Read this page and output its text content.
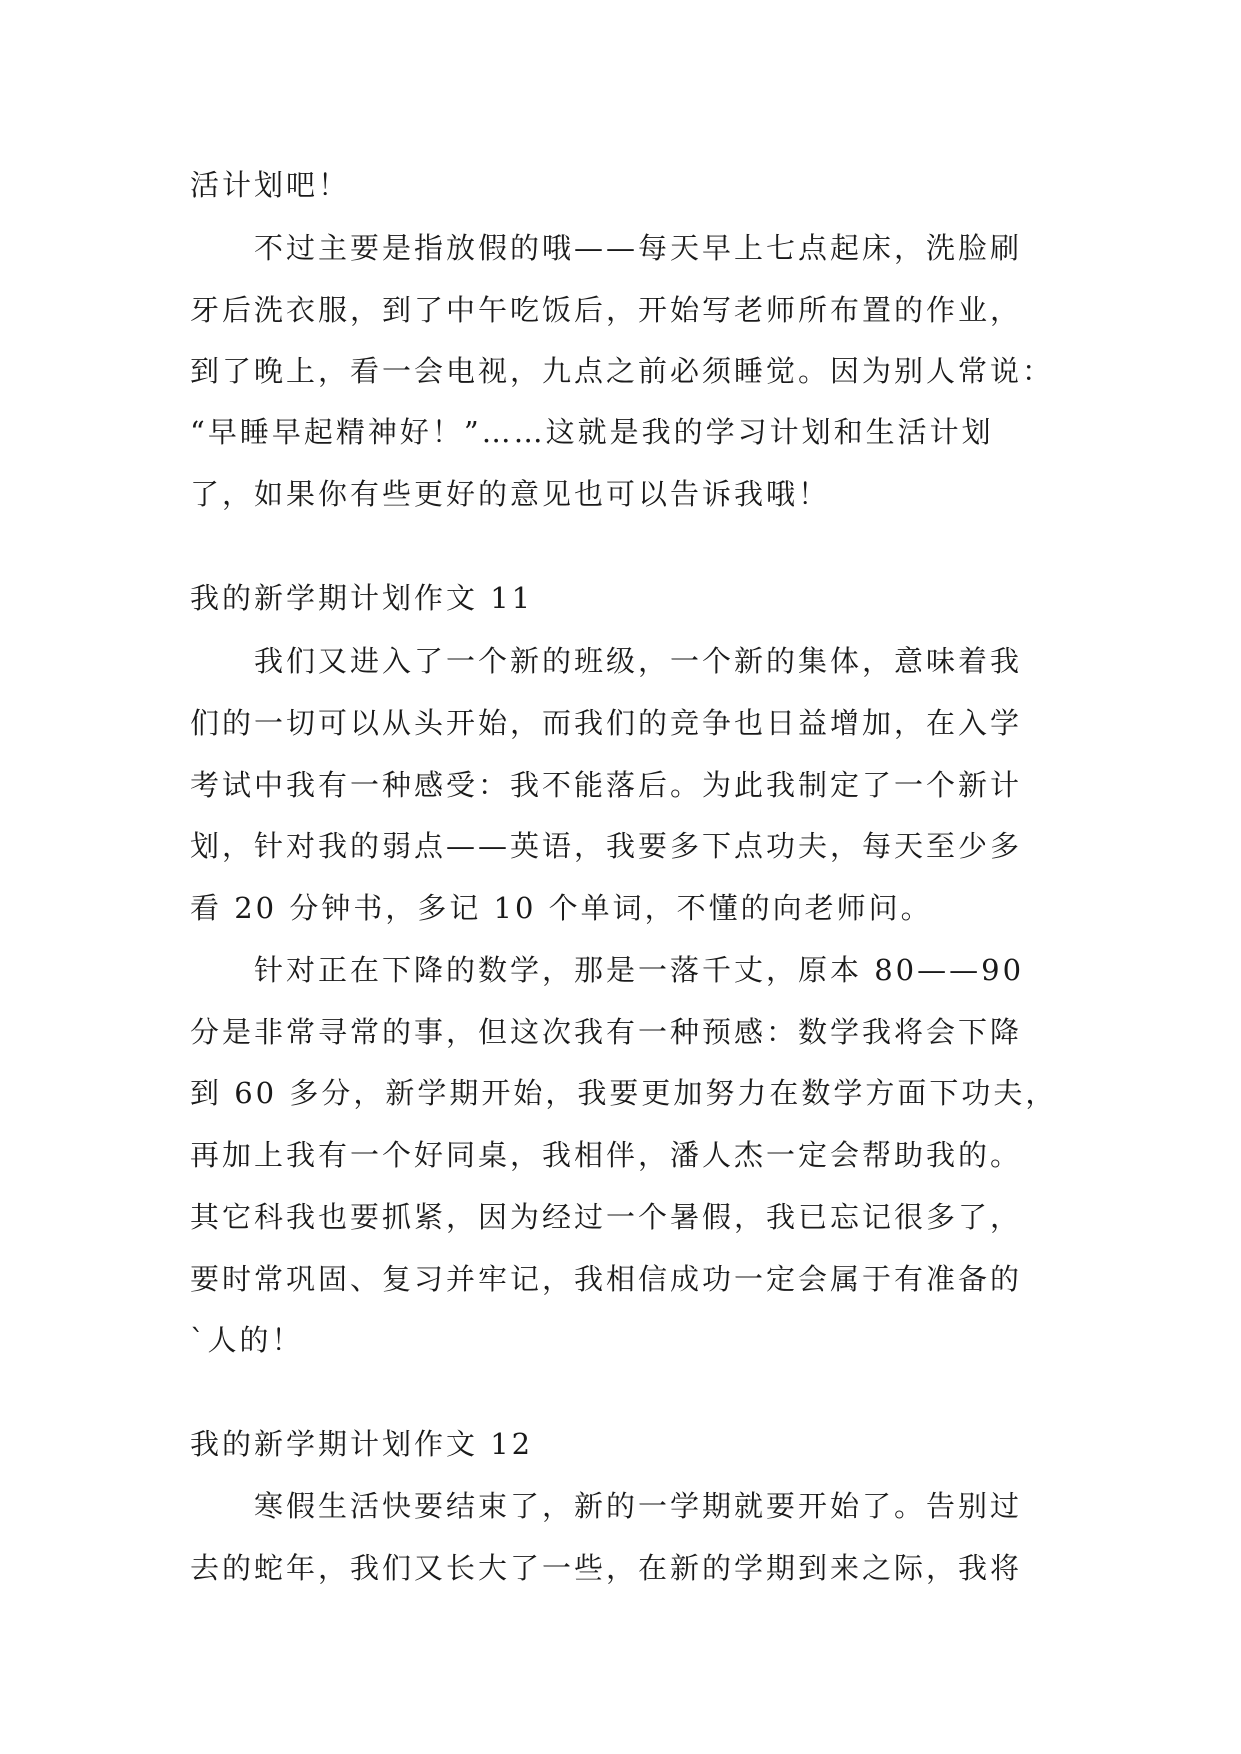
活计划吧！
不过主要是指放假的哦——每天早上七点起床，洗脸刷
牙后洗衣服，到了中午吃饭后，开始写老师所布置的作业，
到了晚上，看一会电视，九点之前必须睡觉。因为别人常说：
“早睡早起精神好！”……这就是我的学习计划和生活计划
了，如果你有些更好的意见也可以告诉我哦！
我的新学期计划作文 11
我们又进入了一个新的班级，一个新的集体，意味着我
们的一切可以从头开始，而我们的竞争也日益增加，在入学
考试中我有一种感受：我不能落后。为此我制定了一个新计
划，针对我的弱点——英语，我要多下点功夫，每天至少多
看 20 分钟书，多记 10 个单词，不懂的向老师问。
针对正在下降的数学，那是一落千丈，原本 80——90
分是非常寻常的事，但这次我有一种预感：数学我将会下降
到 60 多分，新学期开始，我要更加努力在数学方面下功夫，
再加上我有一个好同桌，我相伴，潘人杰一定会帮助我的。
其它科我也要抓紧，因为经过一个暑假，我已忘记很多了，
要时常巩固、复习并牢记，我相信成功一定会属于有准备的
`人的！
我的新学期计划作文 12
寒假生活快要结束了，新的一学期就要开始了。告别过
去的蛇年，我们又长大了一些，在新的学期到来之际，我将
